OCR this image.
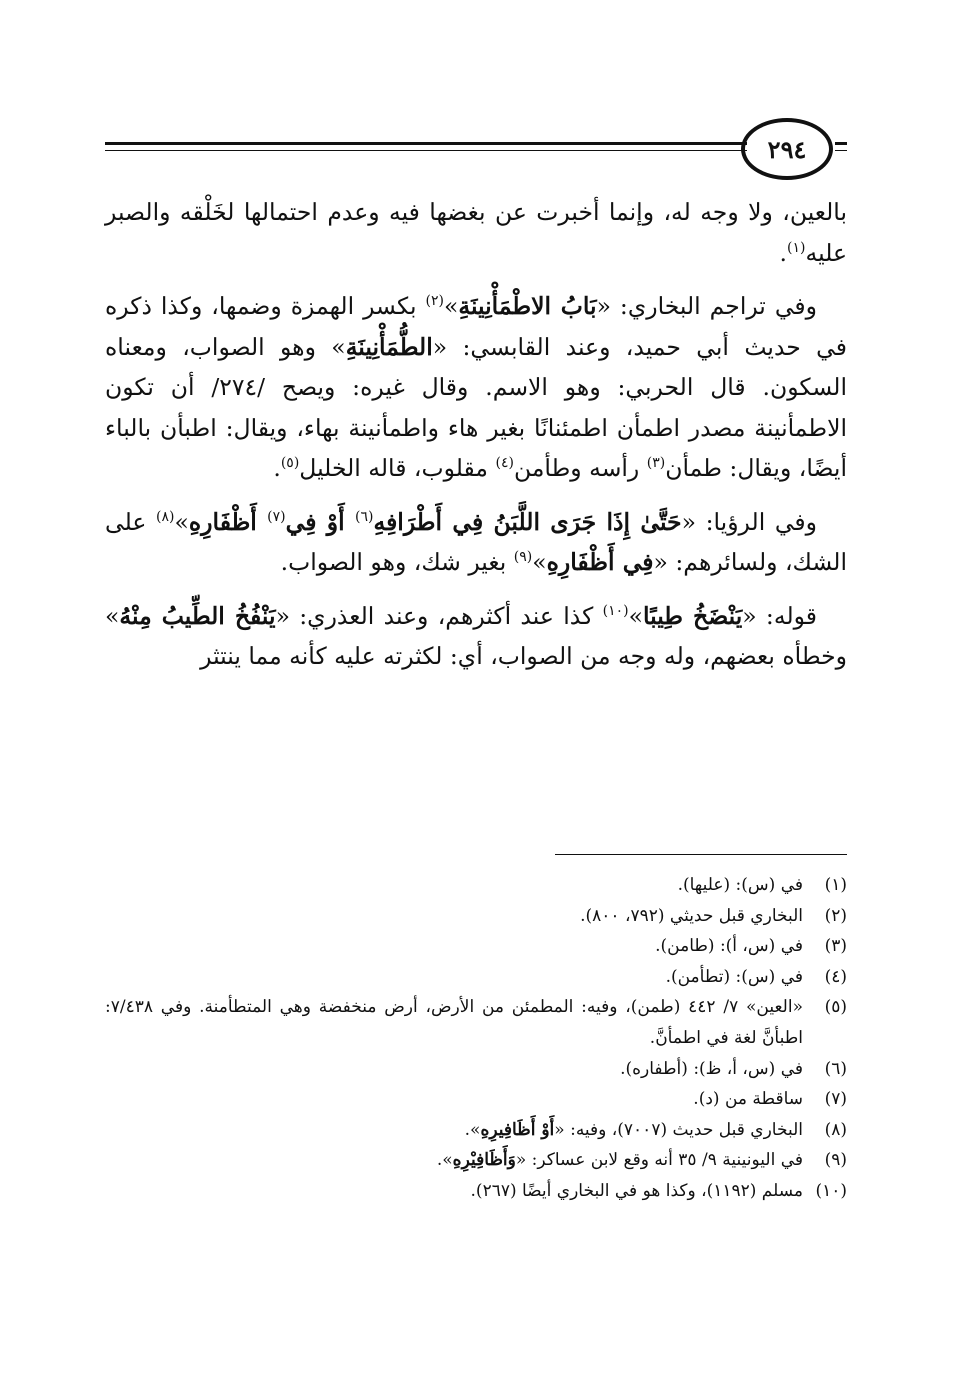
٢٩٤

بالعين، ولا وجه له، وإنما أخبرت عن بغضها فيه وعدم احتمالها لخَلْقه والصبر عليه$^{(١)}$.

وفي تراجم البخاري: «بَابُ الاطْمَأْنِينَةِ»$^{(٢)}$ بكسر الهمزة وضمها، وكذا ذكره في حديث أبي حميد، وعند القابسي: «الطُّمَأْنِينَةِ» وهو الصواب، ومعناه السكون. قال الحربي: وهو الاسم. وقال غيره: ويصح /٢٧٤/ أن تكون الاطمأنينة مصدر اطمأن اطمئنانًا بغير هاء واطمأنينة بهاء، ويقال: اطبأن بالباء أيضًا، ويقال: طمأن$^{(٣)}$ رأسه وطأمن$^{(٤)}$ مقلوب، قاله الخليل$^{(٥)}$.

وفي الرؤيا: «حَتَّىٰ إِذَا جَرَى اللَّبَنُ فِي أَطْرَافِهِ$^{(٦)}$ أَوْ فِي$^{(٧)}$ أَظْفَارِهِ»$^{(٨)}$ على الشك، ولسائرهم: «فِي أَظْفَارِهِ»$^{(٩)}$ بغير شك، وهو الصواب.

قوله: «يَنْضَخُ طِيبًا»$^{(١٠)}$ كذا عند أكثرهم، وعند العذري: «يَنْفُخُ الطِّيبُ مِنْهُ» وخطأه بعضهم، وله وجه من الصواب، أي: لكثرته عليه كأنه مما ينتثر

(١)
في (س): (عليها).
(٢)
البخاري قبل حديثي (٧٩٢، ٨٠٠).
(٣)
في (س، أ): (طامن).
(٤)
في (س): (تطأمن).
(٥)
«العين» ٧/ ٤٤٢ (طمن)، وفيه: المطمئن من الأرض، أرض منخفضة وهي المتطأمنة. وفي ٧/٤٣٨: اطبأنَّ لغة في اطمأنَّ.
(٦)
في (س، أ، ظ): (أطفاره).
(٧)
ساقطة من (د).
(٨)
البخاري قبل حديث (٧٠٠٧)، وفيه: «أَوْ أَظَافِيرِهِ».
(٩)
في اليونينية ٩/ ٣٥ أنه وقع لابن عساكر: «وَأَظَافِيْرِهِ».
(١٠)
مسلم (١١٩٢)، وكذا هو في البخاري أيضًا (٢٦٧).
